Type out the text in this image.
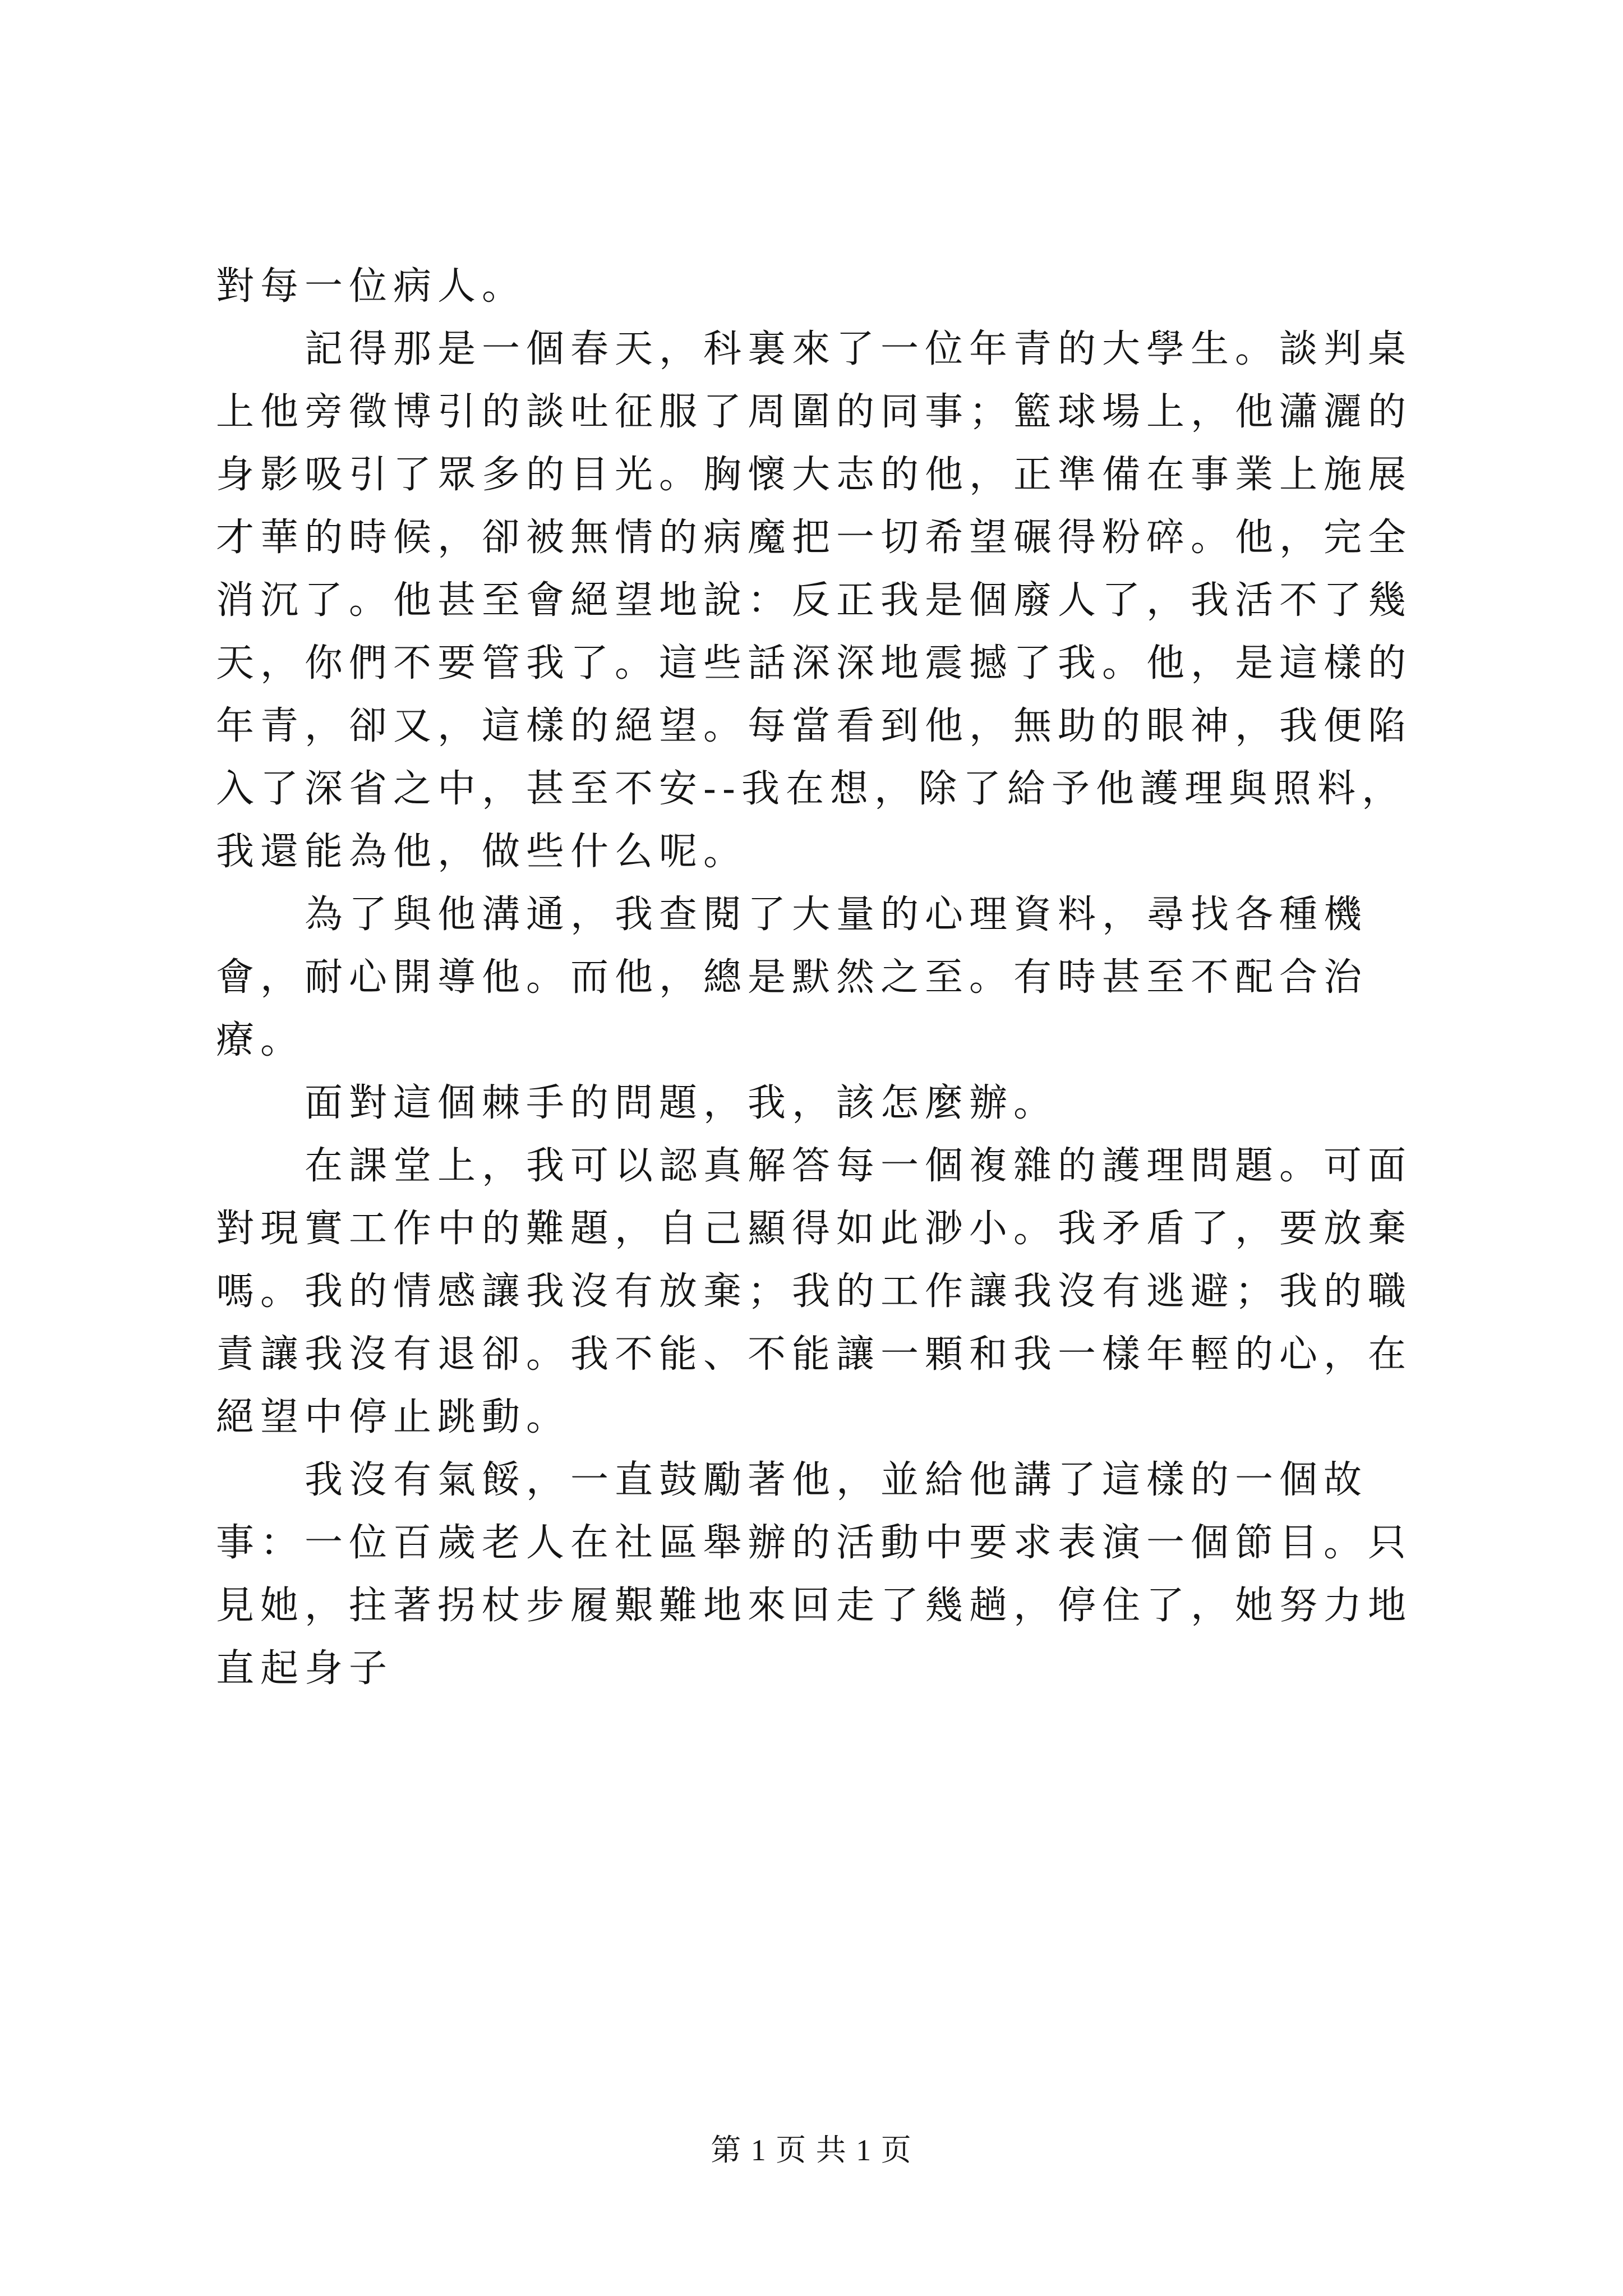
對每一位病人。

記得那是一個春天，科裏來了一位年青的大學生。談判桌上他旁徵博引的談吐征服了周圍的同事；籃球場上，他瀟灑的身影吸引了眾多的目光。胸懷大志的他，正準備在事業上施展才華的時候，卻被無情的病魔把一切希望碾得粉碎。他，完全消沉了。他甚至會絕望地說：反正我是個廢人了，我活不了幾天，你們不要管我了。這些話深深地震撼了我。他，是這樣的年青，卻又，這樣的絕望。每當看到他，無助的眼神，我便陷入了深省之中，甚至不安--我在想，除了給予他護理與照料，我還能為他，做些什么呢。

為了與他溝通，我查閱了大量的心理資料，尋找各種機會，耐心開導他。而他，總是默然之至。有時甚至不配合治療。

面對這個棘手的問題，我，該怎麼辦。

在課堂上，我可以認真解答每一個複雜的護理問題。可面對現實工作中的難題，自己顯得如此渺小。我矛盾了，要放棄嗎。我的情感讓我沒有放棄；我的工作讓我沒有逃避；我的職責讓我沒有退卻。我不能、不能讓一顆和我一樣年輕的心，在絕望中停止跳動。

我沒有氣餒，一直鼓勵著他，並給他講了這樣的一個故事：一位百歲老人在社區舉辦的活動中要求表演一個節目。只見她，拄著拐杖步履艱難地來回走了幾趟，停住了，她努力地直起身子

第 1 页 共 1 页
